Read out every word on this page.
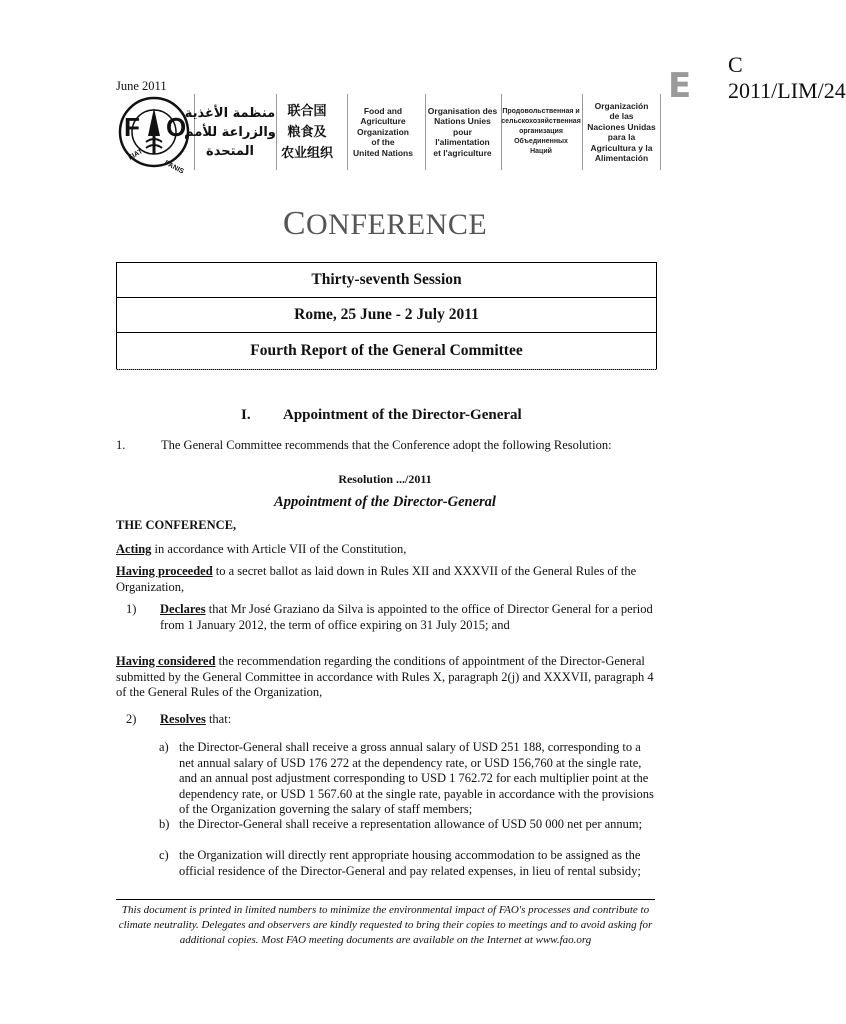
C 2011/LIM/24
June 2011	E
FIAT
PANIS
F O
منظمة الأغذية
والزراعة للأمم
المتحدة
联合国
粮食及
农业组织
Food and
Agriculture
Organization
of the
United Nations
Organisation des
Nations Unies
pour
l'alimentation
et l'agriculture
Продовольственная и
сельскохозяйственная
организация
Объединенных
Наций
Organización
de las
Naciones Unidas
para la
Agricultura y la
Alimentación
CONFERENCE
Thirty-seventh Session
Rome, 25 June - 2 July 2011
Fourth Report of the General Committee
I. Appointment of the Director-General
1.	The General Committee recommends that the Conference adopt the following Resolution:
Resolution .../2011
Appointment of the Director-General
THE CONFERENCE,
Acting in accordance with Article VII of the Constitution,
Having proceeded to a secret ballot as laid down in Rules XII and XXXVII of the General Rules of the Organization,
1) Declares that Mr José Graziano da Silva is appointed to the office of Director General for a period from 1 January 2012, the term of office expiring on 31 July 2015; and
Having considered the recommendation regarding the conditions of appointment of the Director-General submitted by the General Committee in accordance with Rules X, paragraph 2(j) and XXXVII, paragraph 4 of the General Rules of the Organization,
2) Resolves that:
a) the Director-General shall receive a gross annual salary of USD 251 188, corresponding to a net annual salary of USD 176 272 at the dependency rate, or USD 156,760 at the single rate, and an annual post adjustment corresponding to USD 1 762.72 for each multiplier point at the dependency rate, or USD 1 567.60 at the single rate, payable in accordance with the provisions of the Organization governing the salary of staff members;
b) the Director-General shall receive a representation allowance of USD 50 000 net per annum;
c) the Organization will directly rent appropriate housing accommodation to be assigned as the official residence of the Director-General and pay related expenses, in lieu of rental subsidy;
This document is printed in limited numbers to minimize the environmental impact of FAO's processes and contribute to climate neutrality. Delegates and observers are kindly requested to bring their copies to meetings and to avoid asking for additional copies. Most FAO meeting documents are available on the Internet at www.fao.org
